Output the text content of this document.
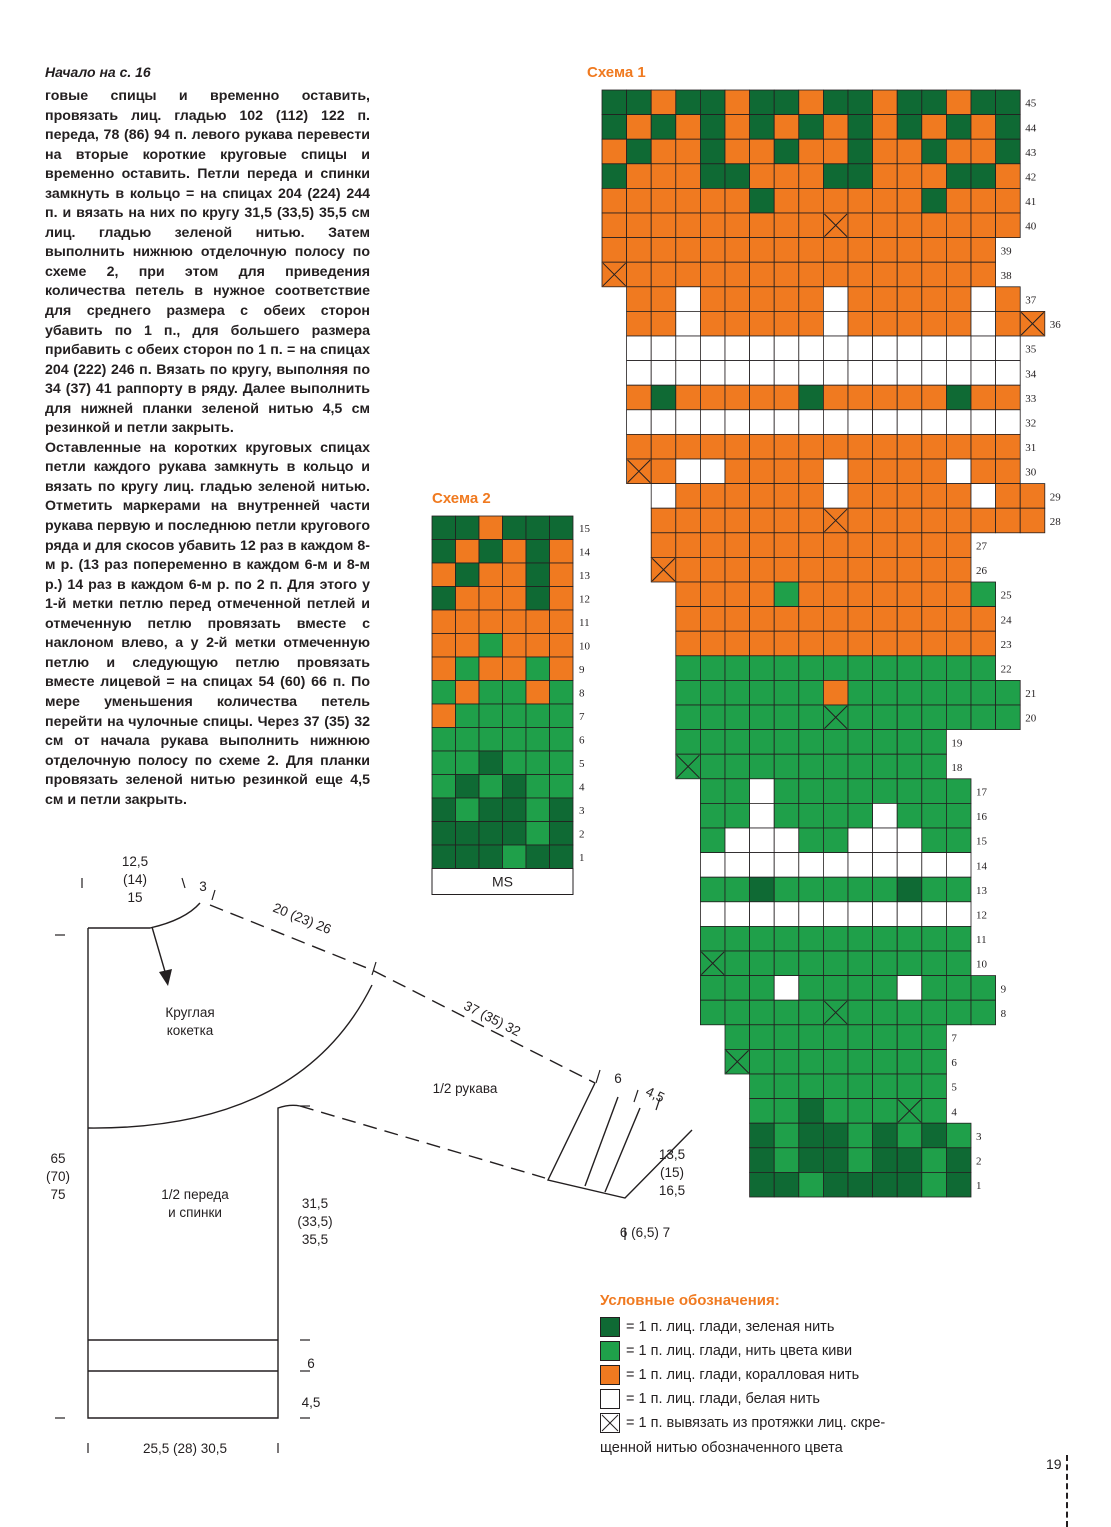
Начало на с. 16

говые спицы и временно оставить, провязать лиц. гладью 102 (112) 122 п. переда, 78 (86) 94 п. левого рукава перевести на вторые короткие круговые спицы и временно оставить. Петли переда и спинки замкнуть в кольцо = на спицах 204 (224) 244 п. и вязать на них по кругу 31,5 (33,5) 35,5 см лиц. гладью зеленой нитью. Затем выполнить нижнюю отделочную полосу по схеме 2, при этом для приведения количества петель в нужное соответствие для среднего размера с обеих сторон убавить по 1 п., для большего размера прибавить с обеих сторон по 1 п. = на спицах 204 (222) 246 п. Вязать по кругу, выполняя по 34 (37) 41 раппорту в ряду. Далее выполнить для нижней планки зеленой нитью 4,5 см резинкой и петли закрыть.

Оставленные на коротких круговых спицах петли каждого рукава замкнуть в кольцо и вязать по кругу лиц. гладью зеленой нитью. Отметить маркерами на внутренней части рукава первую и последнюю петли кругового ряда и для скосов убавить 12 раз в каждом 8-м р. (13 раз попеременно в каждом 6-м и 8-м р.) 14 раз в каждом 6-м р. по 2 п. Для этого у 1-й метки петлю перед отмеченной петлей и отмеченную петлю провязать вместе с наклоном влево, а у 2-й метки отмеченную петлю и следующую петлю провязать вместе лицевой = на спицах 54 (60) 66 п. По мере уменьшения количества петель перейти на чулочные спицы. Через 37 (35) 32 см от начала рукава выполнить нижнюю отделочную полосу по схеме 2. Для планки провязать зеленой нитью резинкой еще 4,5 см и петли закрыть.

Схема 1
Схема 2
45
44
43
42
41
40
39
38
37
36
35
34
33
32
31
30
29
28
27
26
25
24
23
22
21
20
19
18
17
16
15
14
13
12
11
10
9
8
7
6
5
4
3
2
1
15
14
13
12
11
10
9
8
7
6
5
4
3
2
1
MS
12,5
(14)
15
3
20 (23) 26
37 (35) 32
Круглая
кокетка
1/2 рукава
6
4,5
13,5
(15)
16,5
6 (6,5) 7
65
(70)
75	1/2 переда
и спинки
31,5
(33,5)
35,5
6
4,5
25,5 (28) 30,5
Условные обозначения:
= 1 п. лиц. глади, зеленая нить
= 1 п. лиц. глади, нить цвета киви
= 1 п. лиц. глади, коралловая нить
= 1 п. лиц. глади, белая нить
= 1 п. вывязать из протяжки лиц. скре-
щенной нитью обозначенного цвета
19
